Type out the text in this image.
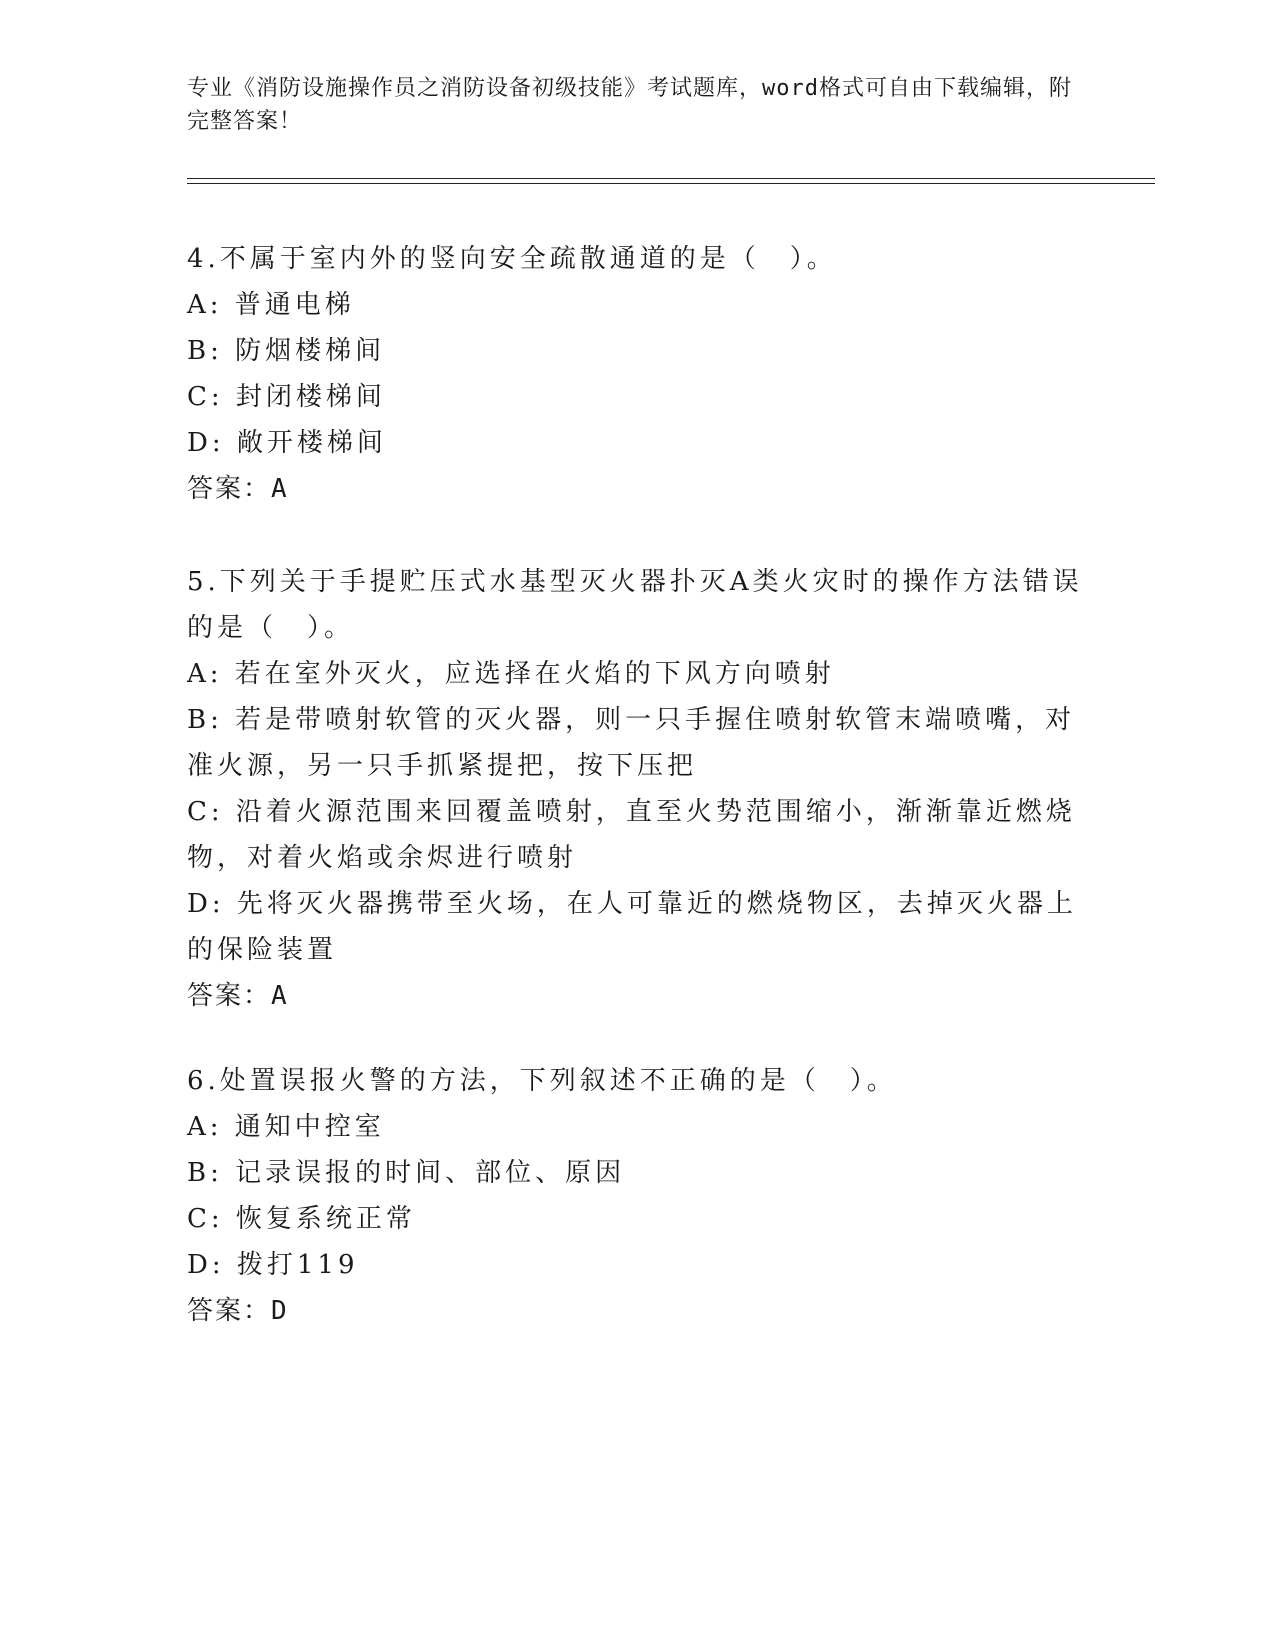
专业《消防设施操作员之消防设备初级技能》考试题库，word格式可自由下载编辑，附完整答案！
4.不属于室内外的竖向安全疏散通道的是（　）。
A: 普通电梯
B: 防烟楼梯间
C: 封闭楼梯间
D: 敞开楼梯间
答案：A
5.下列关于手提贮压式水基型灭火器扑灭A类火灾时的操作方法错误的是（　）。
A: 若在室外灭火，应选择在火焰的下风方向喷射
B: 若是带喷射软管的灭火器，则一只手握住喷射软管末端喷嘴，对准火源，另一只手抓紧提把，按下压把
C: 沿着火源范围来回覆盖喷射，直至火势范围缩小，渐渐靠近燃烧物，对着火焰或余烬进行喷射
D: 先将灭火器携带至火场，在人可靠近的燃烧物区，去掉灭火器上的保险装置
答案：A
6.处置误报火警的方法，下列叙述不正确的是（　）。
A: 通知中控室
B: 记录误报的时间、部位、原因
C: 恢复系统正常
D: 拨打119
答案：D
